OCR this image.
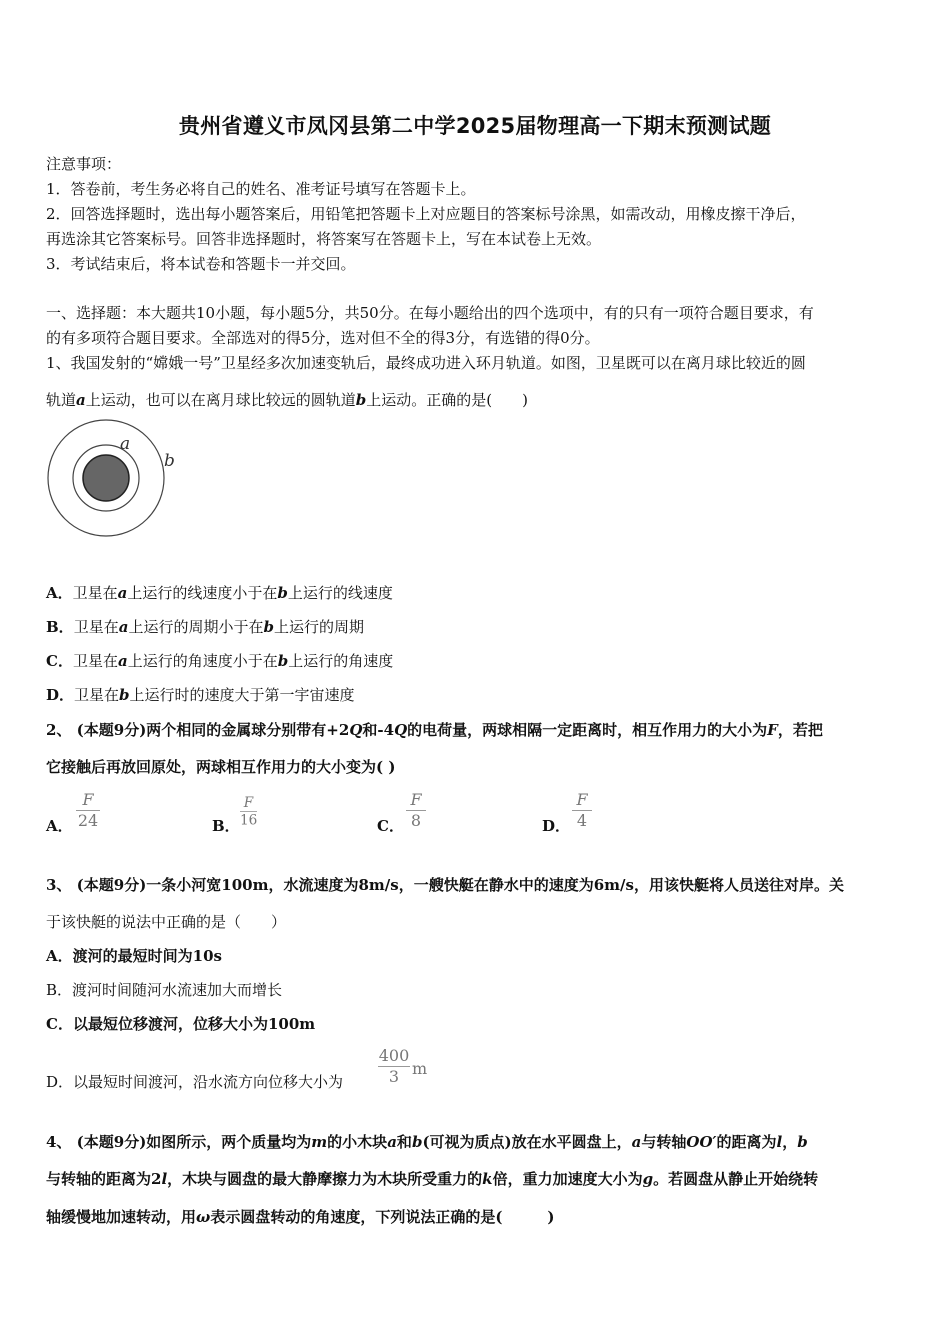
贵州省遵义市凤冈县第二中学2025届物理高一下期末预测试题
注意事项：
1．答卷前，考生务必将自己的姓名、准考证号填写在答题卡上。
2．回答选择题时，选出每小题答案后，用铅笔把答题卡上对应题目的答案标号涂黑，如需改动，用橡皮擦干净后，
再选涂其它答案标号。回答非选择题时，将答案写在答题卡上，写在本试卷上无效。
3．考试结束后，将本试卷和答题卡一并交回。
一、选择题：本大题共10小题，每小题5分，共50分。在每小题给出的四个选项中，有的只有一项符合题目要求，有
的有多项符合题目要求。全部选对的得5分，选对但不全的得3分，有选错的得0分。
1、我国发射的“嫦娥一号”卫星经多次加速变轨后，最终成功进入环月轨道。如图，卫星既可以在离月球比较近的圆
轨道a上运动，也可以在离月球比较远的圆轨道b上运动。正确的是(　　)
a
b
A．卫星在a上运行的线速度小于在b上运行的线速度
B．卫星在a上运行的周期小于在b上运行的周期
C．卫星在a上运行的角速度小于在b上运行的角速度
D．卫星在b上运行时的速度大于第一宇宙速度
2、 (本题9分)两个相同的金属球分别带有+2Q和-4Q的电荷量，两球相隔一定距离时，相互作用力的大小为F，若把
它接触后再放回原处，两球相互作用力的大小变为( )
A．
F
24	B．
F
16	C．
F
8	D．
F
4
3、 (本题9分)一条小河宽100m，水流速度为8m/s，一艘快艇在静水中的速度为6m/s，用该快艇将人员送往对岸。关
于该快艇的说法中正确的是（　　）
A．渡河的最短时间为10s
B．渡河时间随河水流速加大而增长
C．以最短位移渡河，位移大小为100m
D．以最短时间渡河，沿水流方向位移大小为
400
3 m
4、 (本题9分)如图所示，两个质量均为m的小木块a和b(可视为质点)放在水平圆盘上，a与转轴OO′的距离为l，b
与转轴的距离为2l，木块与圆盘的最大静摩擦力为木块所受重力的k倍，重力加速度大小为g。若圆盘从静止开始绕转
轴缓慢地加速转动，用ω表示圆盘转动的角速度，下列说法正确的是(　　　)
